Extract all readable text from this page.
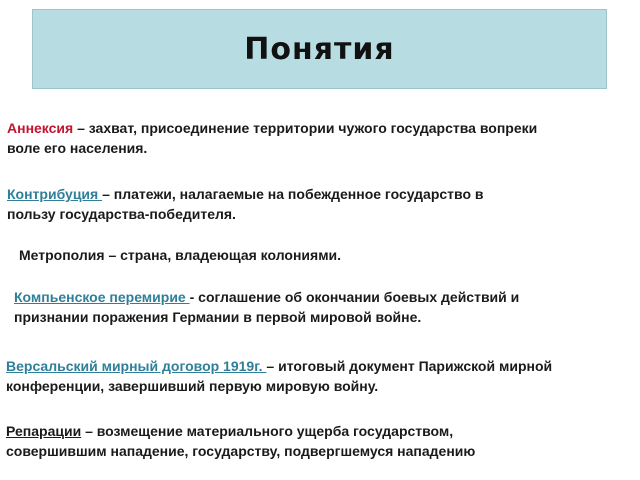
Понятия

Аннексия – захват, присоединение территории чужого государства вопреки
воле его населения.

Контрибуция – платежи, налагаемые на побежденное государство в
пользу государства-победителя.

Метрополия – страна, владеющая колониями.

Компьенское перемирие - соглашение об окончании боевых действий и
признании поражения Германии в первой мировой войне.

Версальский мирный договор 1919г. – итоговый документ Парижской мирной
конференции, завершивший первую мировую войну.

Репарации – возмещение материального ущерба государством,
совершившим нападение, государству, подвергшемуся нападению
